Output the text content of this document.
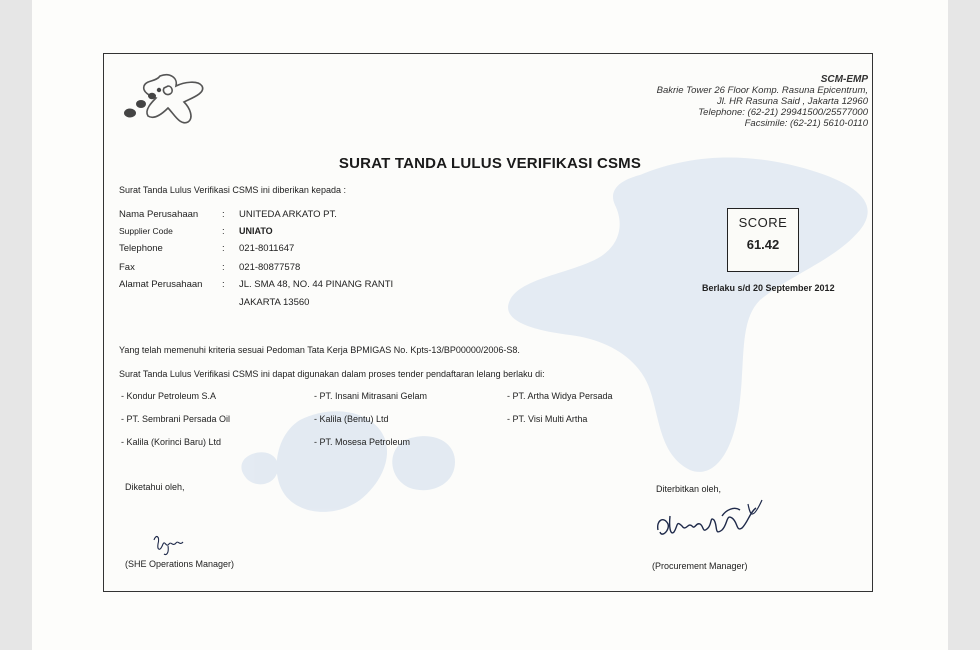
SCM-EMP
Bakrie Tower 26 Floor Komp. Rasuna Epicentrum,
Jl. HR Rasuna Said , Jakarta 12960
Telephone: (62-21) 29941500/25577000
Facsimile: (62-21) 5610-0110
SURAT TANDA LULUS VERIFIKASI CSMS
Surat Tanda Lulus Verifikasi CSMS ini diberikan kepada :
Nama Perusahaan	: UNITEDA ARKATO PT.
Supplier Code	: UNIATO
Telephone	: 021-8011647
Fax	: 021-80877578
Alamat Perusahaan : JL. SMA 48, NO. 44 PINANG RANTI
JAKARTA 13560
SCORE
61.42
Berlaku s/d 20 September 2012
Yang telah memenuhi kriteria sesuai Pedoman Tata Kerja BPMIGAS No. Kpts-13/BP00000/2006-S8.
Surat Tanda Lulus Verifikasi CSMS ini dapat digunakan dalam proses tender pendaftaran lelang berlaku di:
- Kondur Petroleum S.A	- PT. Insani Mitrasani Gelam	- PT. Artha Widya Persada
- PT. Sembrani Persada Oil	- Kalila (Bentu) Ltd	- PT. Visi Multi Artha
- Kalila (Korinci Baru) Ltd	- PT. Mosesa Petroleum
Diketahui oleh,
(SHE Operations Manager)
Diterbitkan oleh,
(Procurement Manager)
